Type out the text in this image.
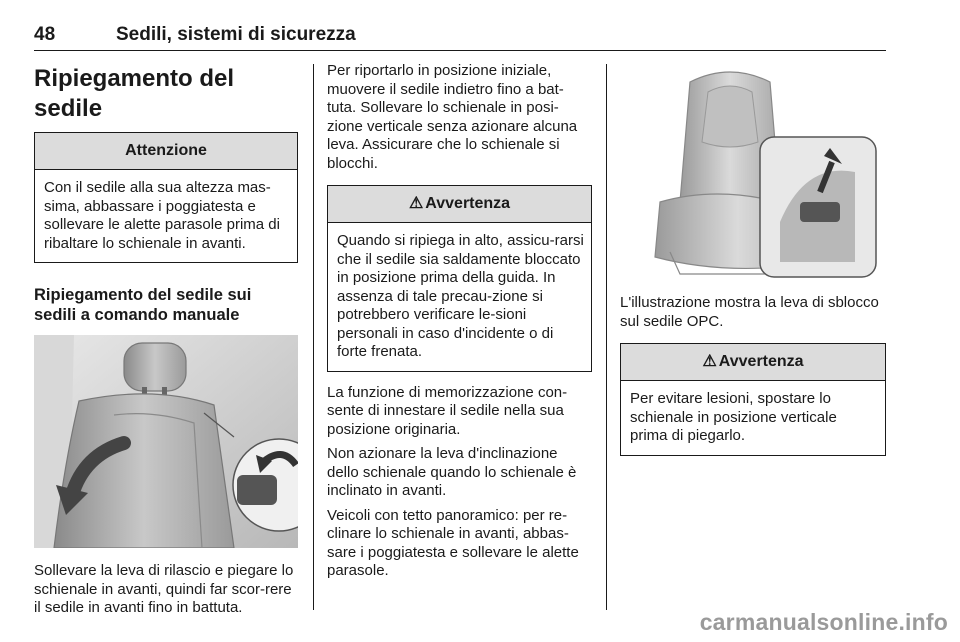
48	Sedili, sistemi di sicurezza
Ripiegamento del sedile
Attenzione
Con il sedile alla sua altezza mas-sima, abbassare i poggiatesta e sollevare le alette parasole prima di ribaltare lo schienale in avanti.
Ripiegamento del sedile sui sedili a comando manuale

Sollevare la leva di rilascio e piegare lo schienale in avanti, quindi far scor-rere il sedile in avanti fino in battuta.

Per riportarlo in posizione iniziale, muovere il sedile indietro fino a bat-tuta. Sollevare lo schienale in posi-zione verticale senza azionare alcuna leva. Assicurare che lo schienale si blocchi.

⚠ Avvertenza
Quando si ripiega in alto, assicu-rarsi che il sedile sia saldamente bloccato in posizione prima della guida. In assenza di tale precau-zione si potrebbero verificare le-sioni personali in caso d'incidente o di forte frenata.

La funzione di memorizzazione con-sente di innestare il sedile nella sua posizione originaria.

Non azionare la leva d'inclinazione dello schienale quando lo schienale è inclinato in avanti.

Veicoli con tetto panoramico: per re-clinare lo schienale in avanti, abbas-sare i poggiatesta e sollevare le alette parasole.

L'illustrazione mostra la leva di sblocco sul sedile OPC.

⚠ Avvertenza
Per evitare lesioni, spostare lo schienale in posizione verticale prima di piegarlo.
carmanualsonline.info
